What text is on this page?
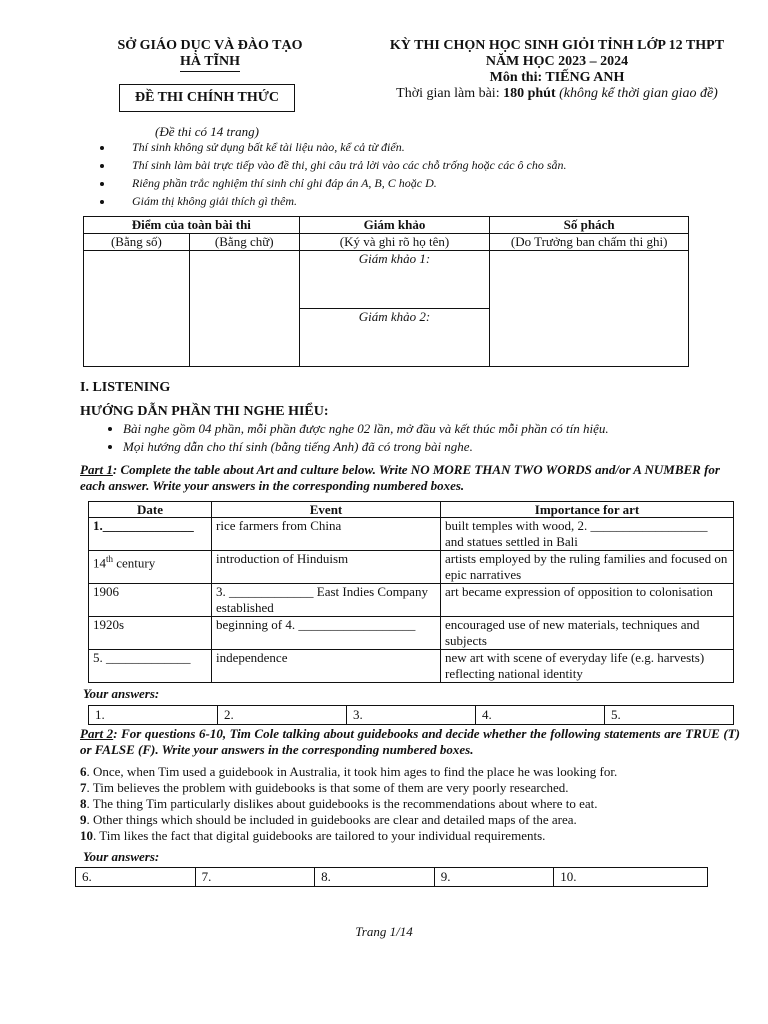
SỞ GIÁO DỤC VÀ ĐÀO TẠO
HÀ TĨNH
ĐỀ THI CHÍNH THỨC
KỲ THI CHỌN HỌC SINH GIỎI TỈNH LỚP 12 THPT
NĂM HỌC 2023 – 2024
Môn thi: TIẾNG ANH
Thời gian làm bài: 180 phút (không kể thời gian giao đề)
(Đề thi có 14 trang)
• Thí sinh không sử dụng bất kể tài liệu nào, kể cả từ điển.
• Thí sinh làm bài trực tiếp vào đề thi, ghi câu trả lời vào các chỗ trống hoặc các ô cho sẵn.
• Riêng phần trắc nghiệm thí sinh chỉ ghi đáp án A, B, C hoặc D.
• Giám thị không giải thích gì thêm.
Điểm của toàn bài thi		Giám khảo	Số phách
(Bằng số)	(Bằng chữ)	(Ký và ghi rõ họ tên)	(Do Trưởng ban chấm thi ghi)
		Giám khảo 1:	
		Giám khảo 2:	
I. LISTENING
HƯỚNG DẪN PHẦN THI NGHE HIỂU:
• Bài nghe gồm 04 phần, mỗi phần được nghe 02 lần, mở đầu và kết thúc mỗi phần có tín hiệu.
• Mọi hướng dẫn cho thí sinh (bằng tiếng Anh) đã có trong bài nghe.
Part 1: Complete the table about Art and culture below. Write NO MORE THAN TWO WORDS and/or A NUMBER for each answer. Write your answers in the corresponding numbered boxes.
Date	Event	Importance for art
1.______________	rice farmers from China	built temples with wood, 2. __________________ and statues settled in Bali
14th century	introduction of Hinduism	artists employed by the ruling families and focused on epic narratives
1906	3. _____________ East Indies Company established	art became expression of opposition to colonisation
1920s	beginning of 4. __________________	encouraged use of new materials, techniques and subjects
5. _____________	independence	new art with scene of everyday life (e.g. harvests) reflecting national identity
Your answers:
1.	2.	3.	4.	5.
Part 2: For questions 6-10, Tim Cole talking about guidebooks and decide whether the following statements are TRUE (T) or FALSE (F). Write your answers in the corresponding numbered boxes.
6. Once, when Tim used a guidebook in Australia, it took him ages to find the place he was looking for.
7. Tim believes the problem with guidebooks is that some of them are very poorly researched.
8. The thing Tim particularly dislikes about guidebooks is the recommendations about where to eat.
9. Other things which should be included in guidebooks are clear and detailed maps of the area.
10. Tim likes the fact that digital guidebooks are tailored to your individual requirements.
Your answers:
6.	7.	8.	9.	10.
Trang 1/14
